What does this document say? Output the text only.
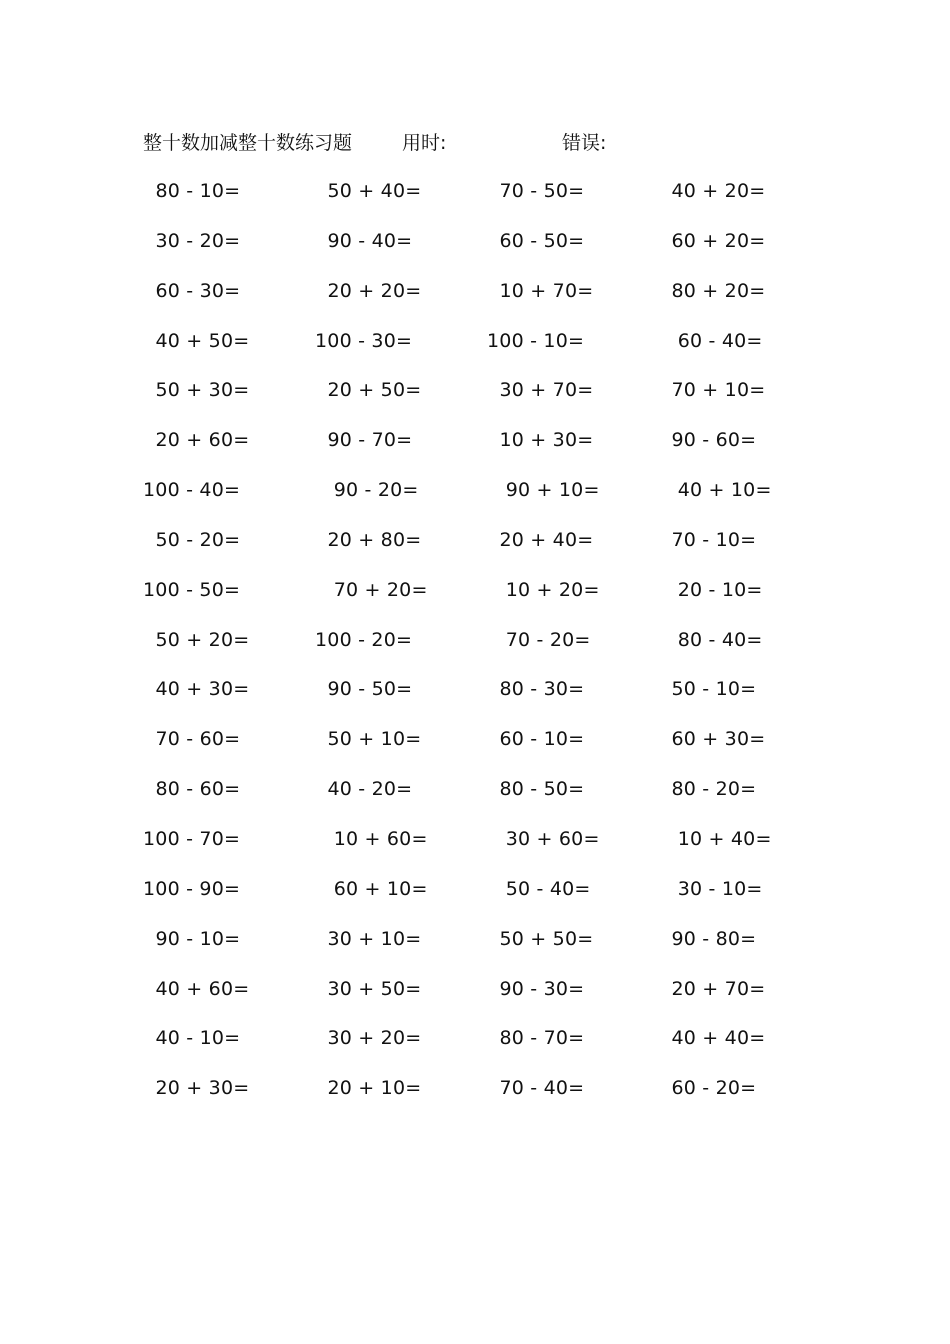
整十数加减整十数练习题	用时:	错误:
80 - 10=	50 + 40=	70 - 50=	40 + 20=
30 - 20=	90 - 40=	60 - 50=	60 + 20=
60 - 30=	20 + 20=	10 + 70=	80 + 20=
40 + 50=	100 - 30=	100 - 10=	60 - 40=
50 + 30=	20 + 50=	30 + 70=	70 + 10=
20 + 60=	90 - 70=	10 + 30=	90 - 60=
100 - 40=	90 - 20=	90 + 10=	40 + 10=
50 - 20=	20 + 80=	20 + 40=	70 - 10=
100 - 50=	70 + 20=	10 + 20=	20 - 10=
50 + 20=	100 - 20=	70 - 20=	80 - 40=
40 + 30=	90 - 50=	80 - 30=	50 - 10=
70 - 60=	50 + 10=	60 - 10=	60 + 30=
80 - 60=	40 - 20=	80 - 50=	80 - 20=
100 - 70=	10 + 60=	30 + 60=	10 + 40=
100 - 90=	60 + 10=	50 - 40=	30 - 10=
90 - 10=	30 + 10=	50 + 50=	90 - 80=
40 + 60=	30 + 50=	90 - 30=	20 + 70=
40 - 10=	30 + 20=	80 - 70=	40 + 40=
20 + 30=	20 + 10=	70 - 40=	60 - 20=
